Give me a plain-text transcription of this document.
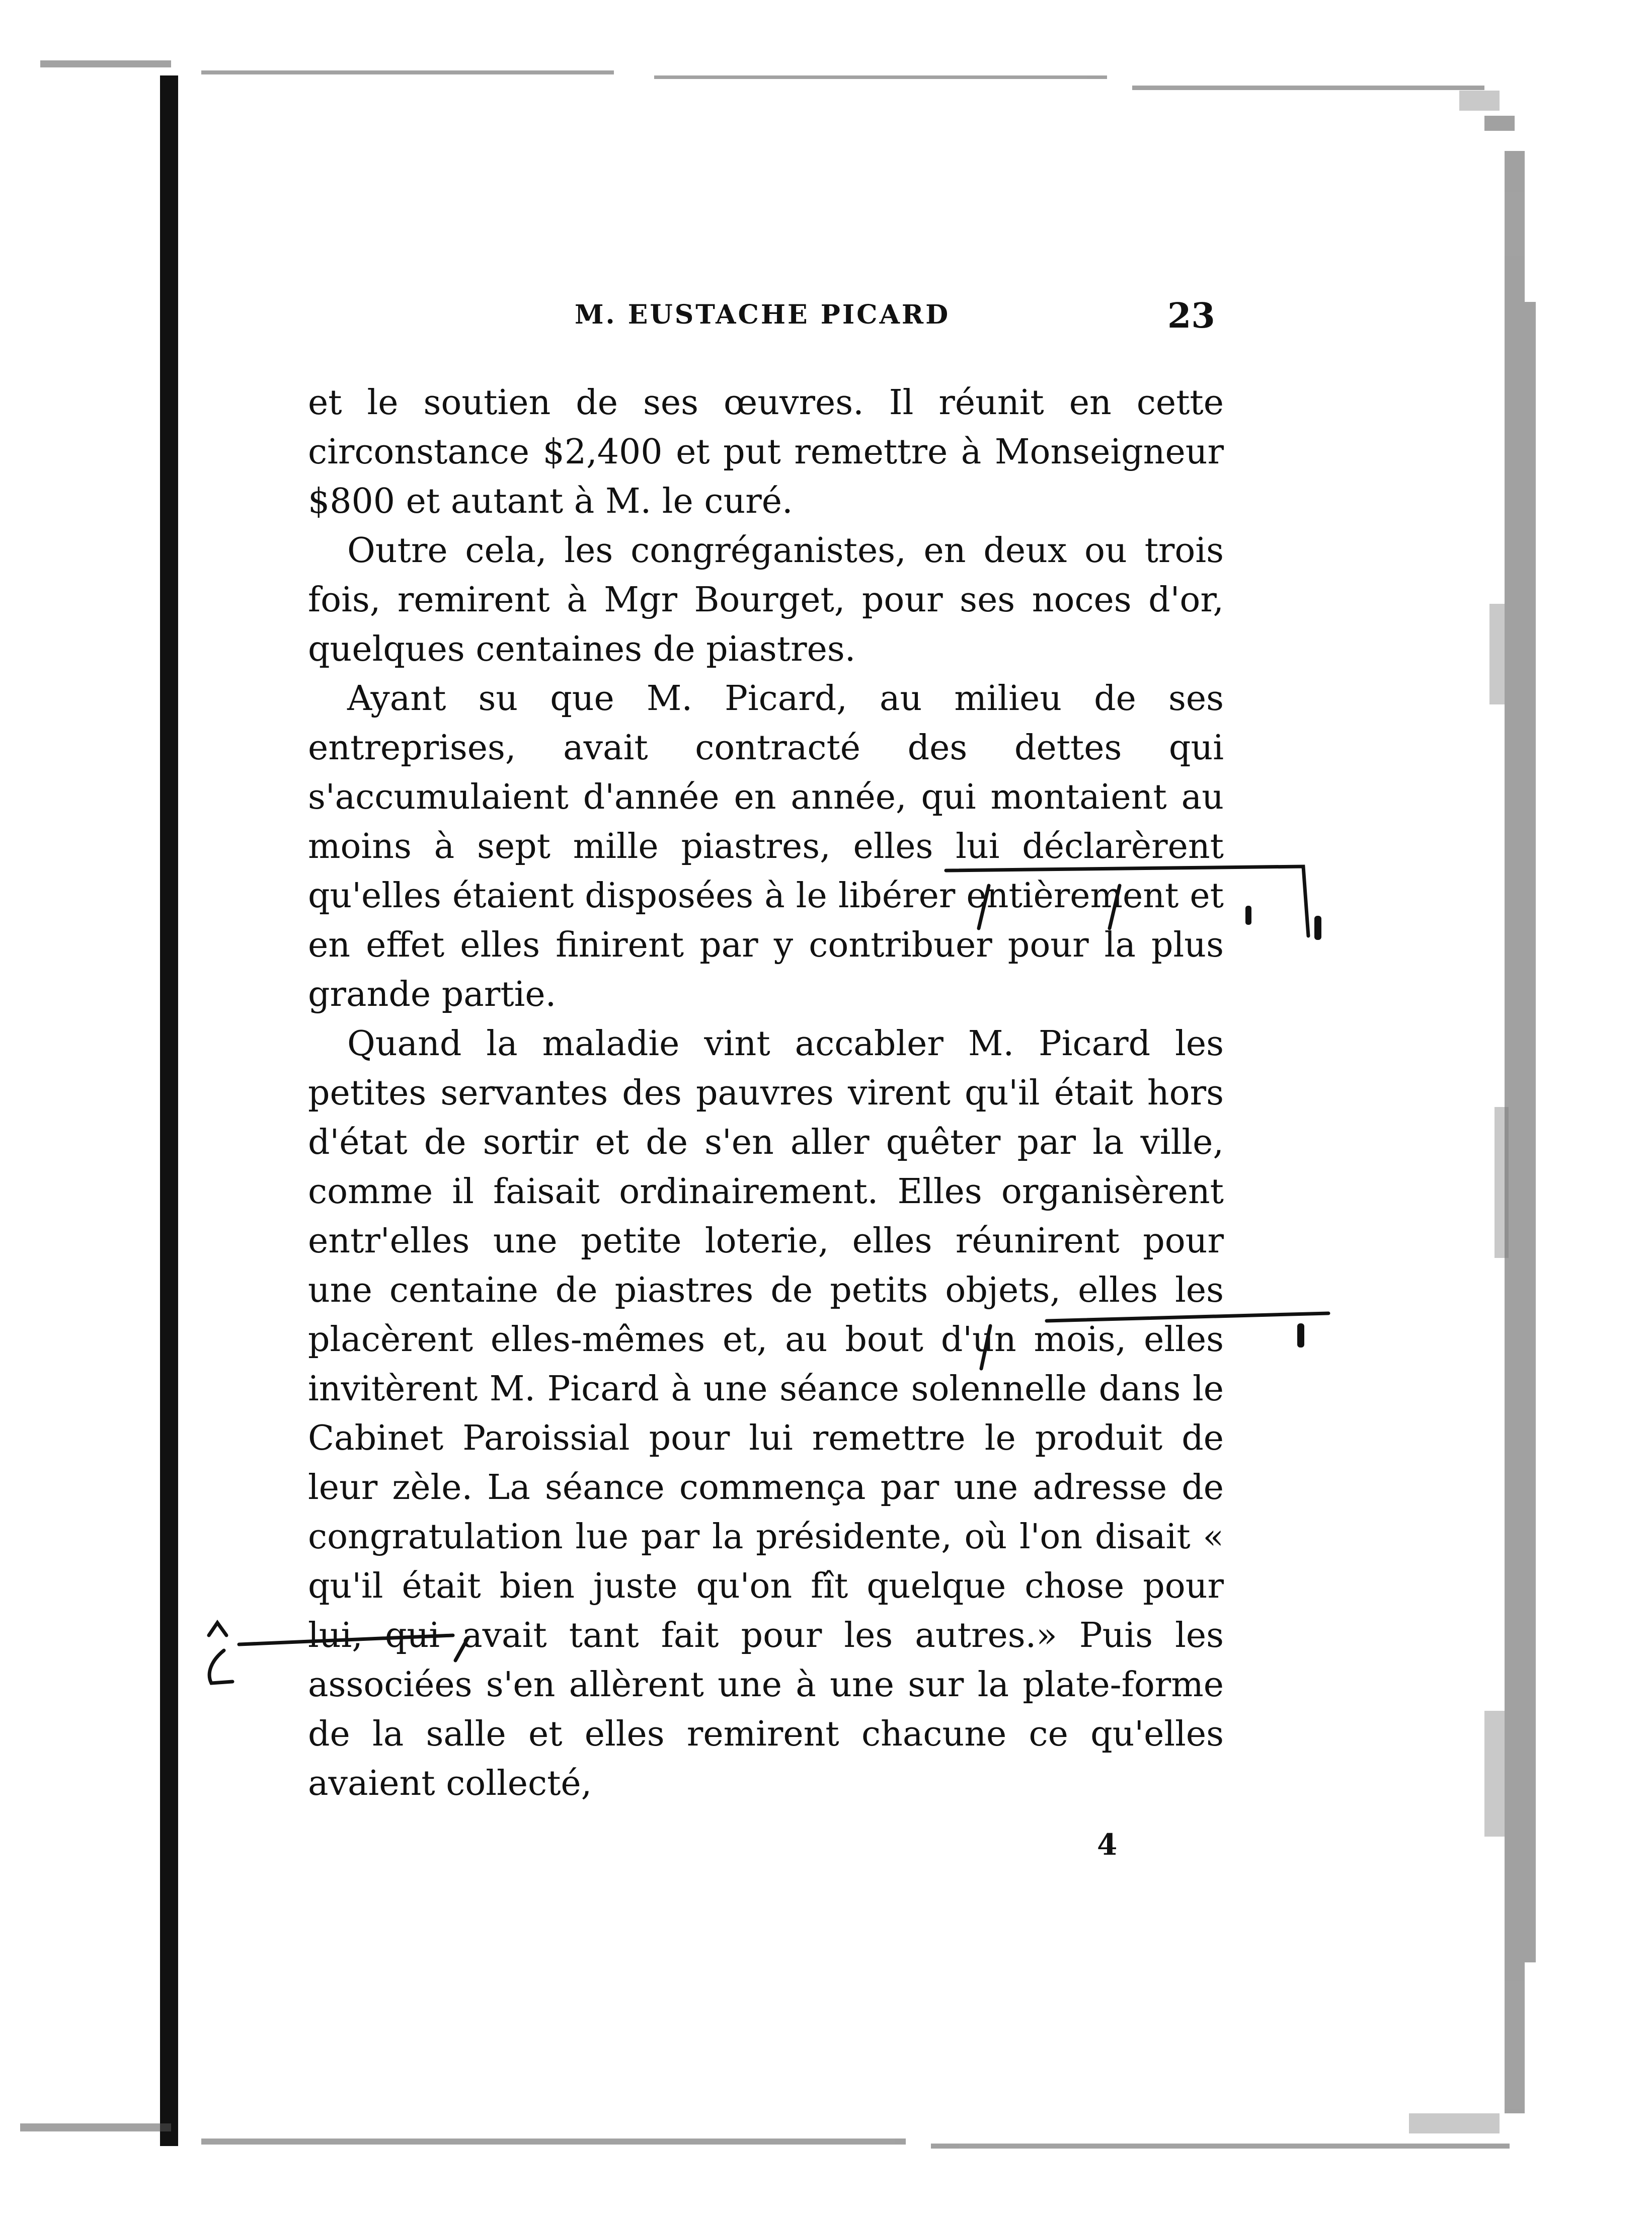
M. EUSTACHE PICARD	23

et le soutien de ses œuvres. Il réunit en cette circonstance $2,400 et put remettre à Monseigneur $800 et autant à M. le curé.

Outre cela, les congréganistes, en deux ou trois fois, remirent à Mgr Bourget, pour ses noces d'or, quelques centaines de piastres.

Ayant su que M. Picard, au milieu de ses entreprises, avait contracté des dettes qui s'accumulaient d'année en année, qui montaient au moins à sept mille piastres, elles lui déclarèrent qu'elles étaient disposées à le libérer entièrement et en effet elles finirent par y contribuer pour la plus grande partie.

Quand la maladie vint accabler M. Picard les petites servantes des pauvres virent qu'il était hors d'état de sortir et de s'en aller quêter par la ville, comme il faisait ordinairement. Elles organisèrent entr'elles une petite loterie, elles réunirent pour une centaine de piastres de petits objets, elles les placèrent elles-mêmes et, au bout d'un mois, elles invitèrent M. Picard à une séance solennelle dans le Cabinet Paroissial pour lui remettre le produit de leur zèle. La séance commença par une adresse de congratulation lue par la présidente, où l'on disait « qu'il était bien juste qu'on fît quelque chose pour lui, qui avait tant fait pour les autres.» Puis les associées s'en allèrent une à une sur la plate-forme de la salle et elles remirent chacune ce qu'elles avaient collecté,

4
